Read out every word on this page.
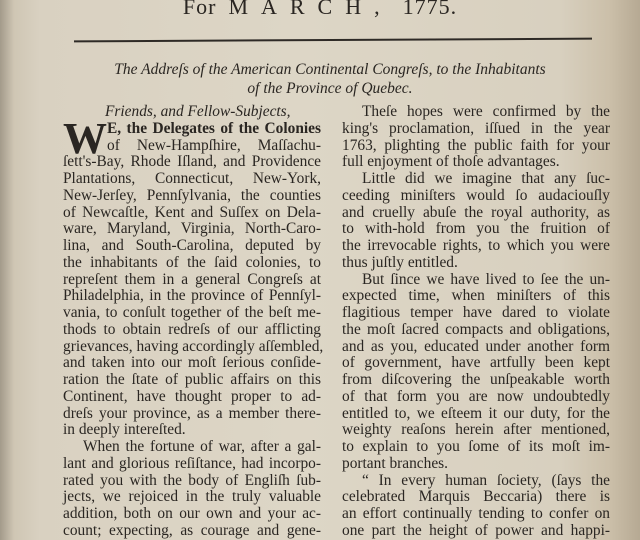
For MARCH, 1775.
The Addreſs of the American Continental Congreſs, to the Inhabitants
of the Province of Quebec.
Friends, and Fellow-Subjects,
W E, the Delegates of the Colonies
of New-Hampſhire, Maſſachu-
ſett's-Bay, Rhode Iſland, and Providence
Plantations, Connecticut, New-York,
New-Jerſey, Pennſylvania, the counties
of Newcaſtle, Kent and Suſſex on Dela-
ware, Maryland, Virginia, North-Caro-
lina, and South-Carolina, deputed by
the inhabitants of the ſaid colonies, to
repreſent them in a general Congreſs at
Philadelphia, in the province of Pennſyl-
vania, to conſult together of the beſt me-
thods to obtain redreſs of our afflicting
grievances, having accordingly aſſembled,
and taken into our moſt ſerious conſide-
ration the ſtate of public affairs on this
Continent, have thought proper to ad-
dreſs your province, as a member there-
in deeply intereſted.
When the fortune of war, after a gal-
lant and glorious reſiſtance, had incorpo-
rated you with the body of Engliſh ſub-
jects, we rejoiced in the truly valuable
addition, both on our own and your ac-
count; expecting, as courage and gene-
Theſe hopes were confirmed by the
king's proclamation, iſſued in the year
1763, plighting the public faith for your
full enjoyment of thoſe advantages.
Little did we imagine that any ſuc-
ceeding miniſters would ſo audaciouſly
and cruelly abuſe the royal authority, as
to with-hold from you the fruition of
the irrevocable rights, to which you were
thus juſtly entitled.
But ſince we have lived to ſee the un-
expected time, when miniſters of this
flagitious temper have dared to violate
the moſt ſacred compacts and obligations,
and as you, educated under another form
of government, have artfully been kept
from diſcovering the unſpeakable worth
of that form you are now undoubtedly
entitled to, we eſteem it our duty, for the
weighty reaſons herein after mentioned,
to explain to you ſome of its moſt im-
portant branches.
“ In every human ſociety, (ſays the
celebrated Marquis Beccaria) there is
an effort continually tending to confer on
one part the height of power and happi-
